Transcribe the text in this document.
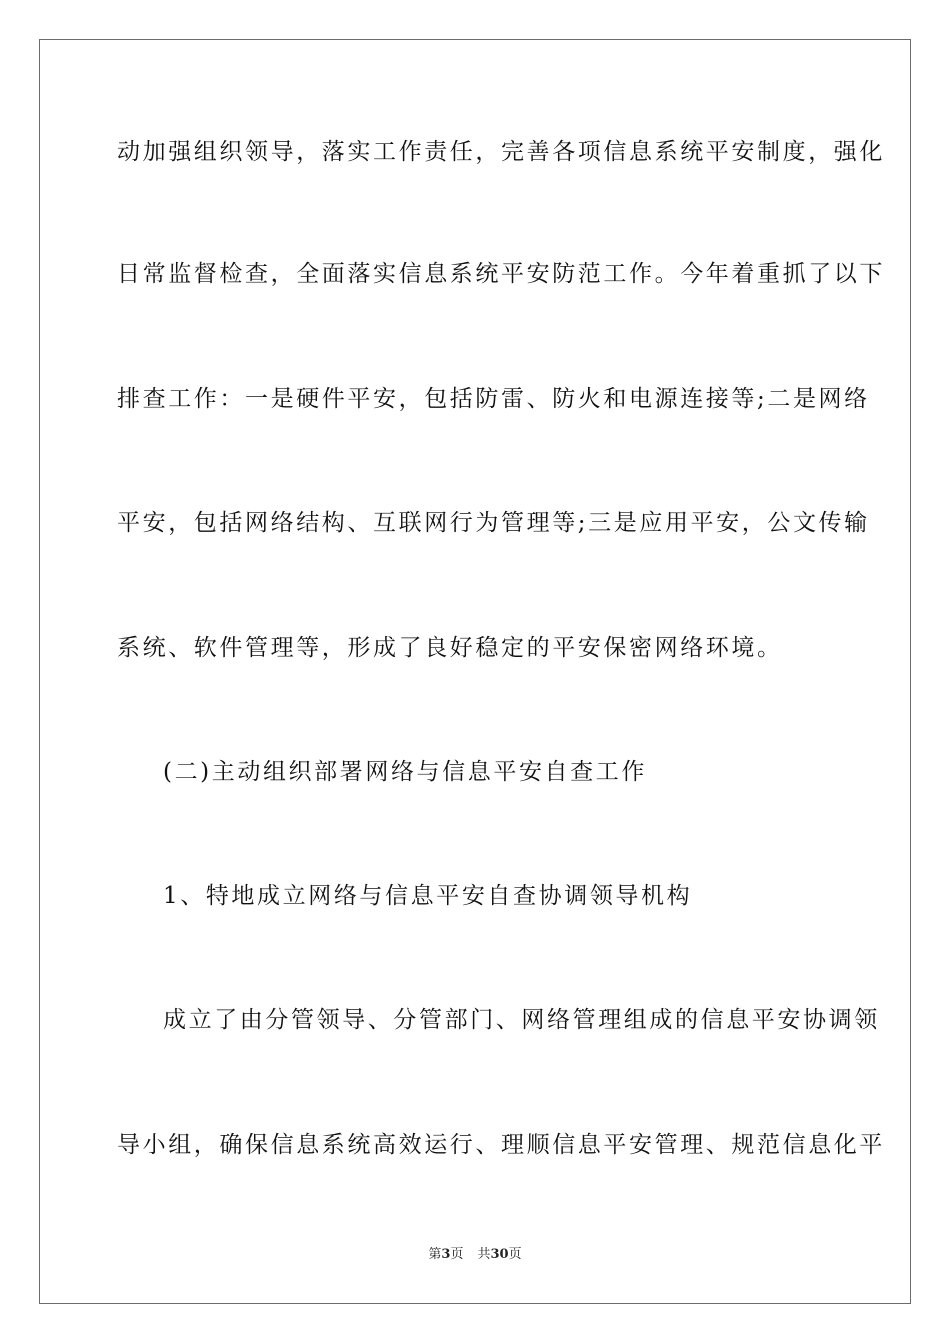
动加强组织领导，落实工作责任，完善各项信息系统平安制度，强化

日常监督检查，全面落实信息系统平安防范工作。今年着重抓了以下

排查工作：一是硬件平安，包括防雷、防火和电源连接等;二是网络

平安，包括网络结构、互联网行为管理等;三是应用平安，公文传输

系统、软件管理等，形成了良好稳定的平安保密网络环境。

(二)主动组织部署网络与信息平安自查工作

1、特地成立网络与信息平安自查协调领导机构

成立了由分管领导、分管部门、网络管理组成的信息平安协调领

导小组，确保信息系统高效运行、理顺信息平安管理、规范信息化平

第3页 共30页
